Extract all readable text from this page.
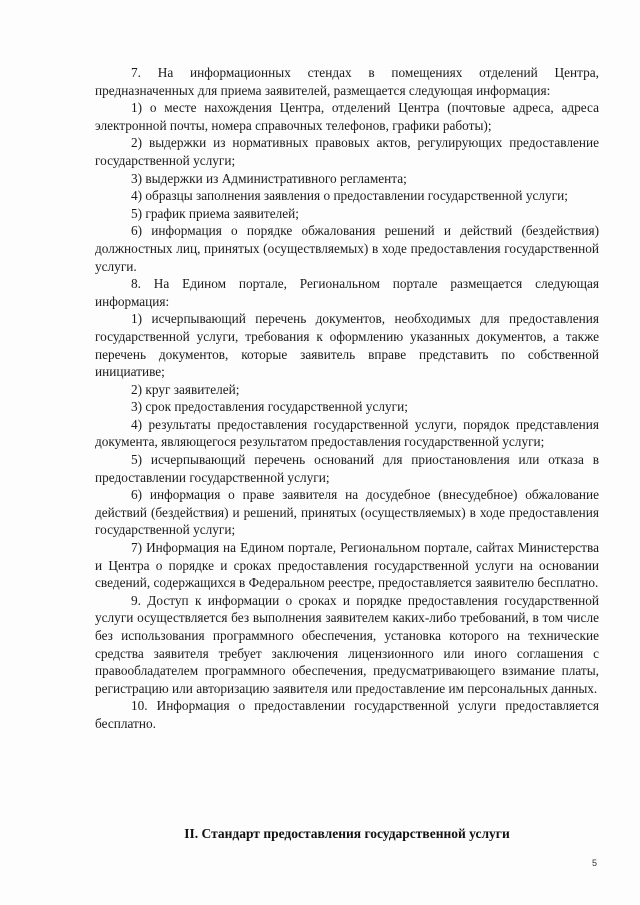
7. На информационных стендах в помещениях отделений Центра, предназначенных для приема заявителей, размещается следующая информация:

1) о месте нахождения Центра, отделений Центра (почтовые адреса, адреса электронной почты, номера справочных телефонов, графики работы);

2) выдержки из нормативных правовых актов, регулирующих предоставление государственной услуги;

3) выдержки из Административного регламента;

4) образцы заполнения заявления о предоставлении государственной услуги;

5) график приема заявителей;

6) информация о порядке обжалования решений и действий (бездействия) должностных лиц, принятых (осуществляемых) в ходе предоставления государственной услуги.

8. На Едином портале, Региональном портале размещается следующая информация:

1) исчерпывающий перечень документов, необходимых для предоставления государственной услуги, требования к оформлению указанных документов, а также перечень документов, которые заявитель вправе представить по собственной инициативе;

2) круг заявителей;

3) срок предоставления государственной услуги;

4) результаты предоставления государственной услуги, порядок представления документа, являющегося результатом предоставления государственной услуги;

5) исчерпывающий перечень оснований для приостановления или отказа в предоставлении государственной услуги;

6) информация о праве заявителя на досудебное (внесудебное) обжалование действий (бездействия) и решений, принятых (осуществляемых) в ходе предоставления государственной услуги;

7) Информация на Едином портале, Региональном портале, сайтах Министерства и Центра о порядке и сроках предоставления государственной услуги на основании сведений, содержащихся в Федеральном реестре, предоставляется заявителю бесплатно.

9. Доступ к информации о сроках и порядке предоставления государственной услуги осуществляется без выполнения заявителем каких-либо требований, в том числе без использования программного обеспечения, установка которого на технические средства заявителя требует заключения лицензионного или иного соглашения с правообладателем программного обеспечения, предусматривающего взимание платы, регистрацию или авторизацию заявителя или предоставление им персональных данных.

10. Информация о предоставлении государственной услуги предоставляется бесплатно.

II. Стандарт предоставления государственной услуги
5
